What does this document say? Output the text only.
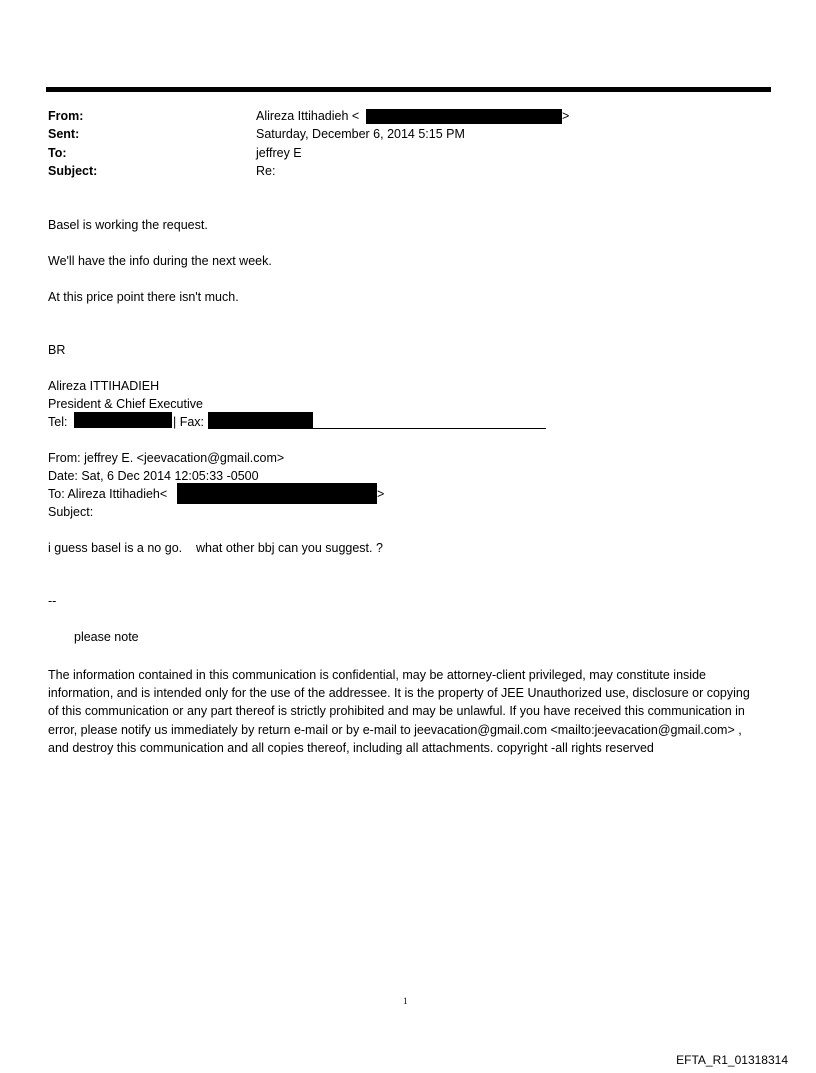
From:	Alireza Ittihadieh <	>
Sent:	Saturday, December 6, 2014 5:15 PM
To:	jeffrey E
Subject:	Re:
Basel is working the request.
We'll have the info during the next week.
At this price point there isn't much.
BR
Alireza ITTIHADIEH
President & Chief Executive
Tel:	| Fax:
From: jeffrey E. <jeevacation@gmail.com>
Date: Sat, 6 Dec 2014 12:05:33 -0500
To: Alireza Ittihadieh<	>
Subject:
i guess basel is a no go.    what other bbj can you suggest. ?
--
please note
The information contained in this communication is confidential, may be attorney-client privileged, may constitute inside information, and is intended only for the use of the addressee. It is the property of JEE Unauthorized use, disclosure or copying of this communication or any part thereof is strictly prohibited and may be unlawful. If you have received this communication in error, please notify us immediately by return e-mail or by e-mail to jeevacation@gmail.com <mailto:jeevacation@gmail.com> , and destroy this communication and all copies thereof, including all attachments. copyright -all rights reserved
1
EFTA_R1_01318314
